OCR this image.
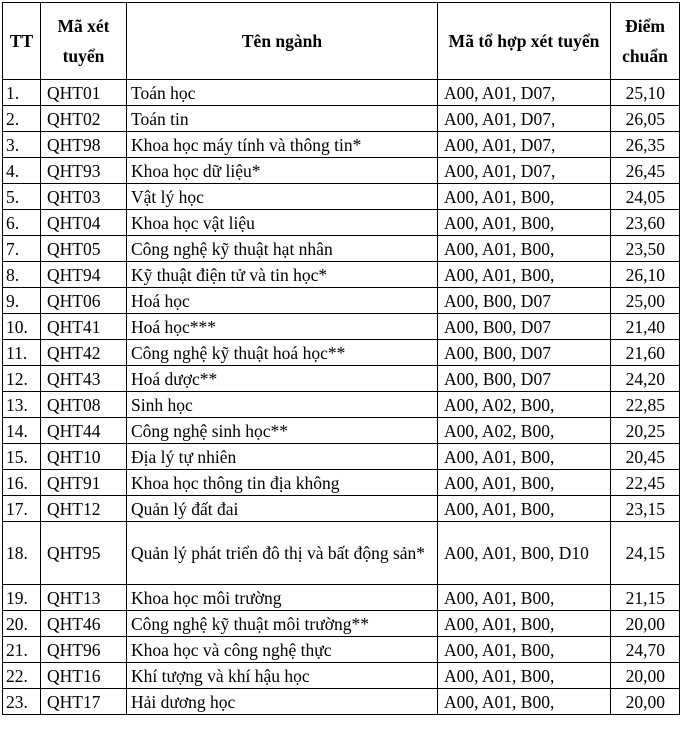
TT	Mã xét tuyển	Tên ngành	Mã tổ hợp xét tuyển	Điểm chuẩn
1.	QHT01	Toán học	A00, A01, D07,	25,10
2.	QHT02	Toán tin	A00, A01, D07,	26,05
3.	QHT98	Khoa học máy tính và thông tin*	A00, A01, D07,	26,35
4.	QHT93	Khoa học dữ liệu*	A00, A01, D07,	26,45
5.	QHT03	Vật lý học	A00, A01, B00,	24,05
6.	QHT04	Khoa học vật liệu	A00, A01, B00,	23,60
7.	QHT05	Công nghệ kỹ thuật hạt nhân	A00, A01, B00,	23,50
8.	QHT94	Kỹ thuật điện tử và tin học*	A00, A01, B00,	26,10
9.	QHT06	Hoá học	A00, B00, D07	25,00
10.	QHT41	Hoá học***	A00, B00, D07	21,40
11.	QHT42	Công nghệ kỹ thuật hoá học**	A00, B00, D07	21,60
12.	QHT43	Hoá dược**	A00, B00, D07	24,20
13.	QHT08	Sinh học	A00, A02, B00,	22,85
14.	QHT44	Công nghệ sinh học**	A00, A02, B00,	20,25
15.	QHT10	Địa lý tự nhiên	A00, A01, B00,	20,45
16.	QHT91	Khoa học thông tin địa không	A00, A01, B00,	22,45
17.	QHT12	Quản lý đất đai	A00, A01, B00,	23,15
18.	QHT95	Quản lý phát triển đô thị và bất động sản*	A00, A01, B00, D10	24,15
19.	QHT13	Khoa học môi trường	A00, A01, B00,	21,15
20.	QHT46	Công nghệ kỹ thuật môi trường**	A00, A01, B00,	20,00
21.	QHT96	Khoa học và công nghệ thực	A00, A01, B00,	24,70
22.	QHT16	Khí tượng và khí hậu học	A00, A01, B00,	20,00
23.	QHT17	Hải dương học	A00, A01, B00,	20,00
